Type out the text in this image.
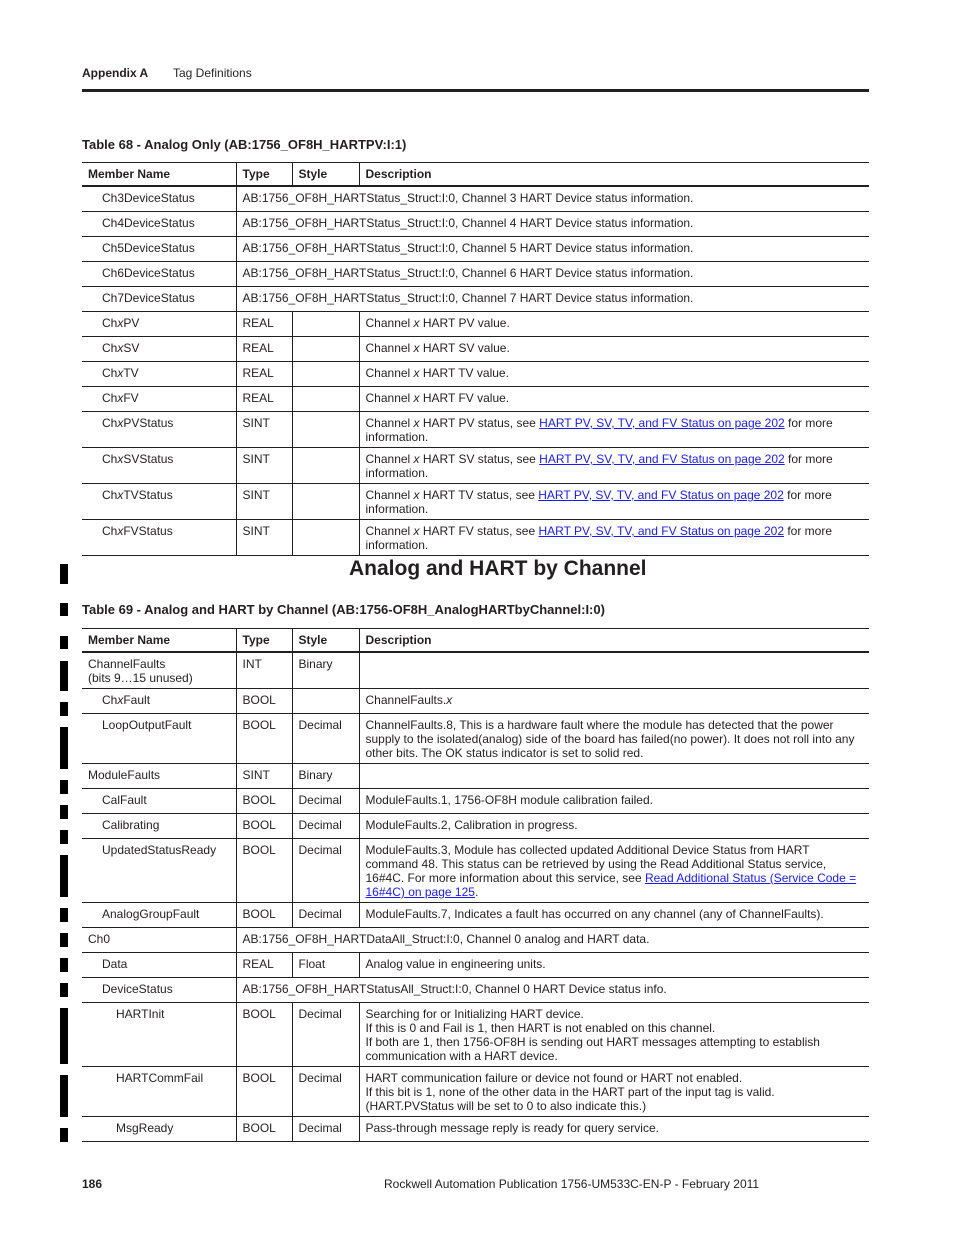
Appendix A Tag Definitions
Table 68 - Analog Only (AB:1756_OF8H_HARTPV:I:1)
Member Name	Type	Style	Description
Ch3DeviceStatus	AB:1756_OF8H_HARTStatus_Struct:I:0, Channel 3 HART Device status information.		
Ch4DeviceStatus	AB:1756_OF8H_HARTStatus_Struct:I:0, Channel 4 HART Device status information.		
Ch5DeviceStatus	AB:1756_OF8H_HARTStatus_Struct:I:0, Channel 5 HART Device status information.		
Ch6DeviceStatus	AB:1756_OF8H_HARTStatus_Struct:I:0, Channel 6 HART Device status information.		
Ch7DeviceStatus	AB:1756_OF8H_HARTStatus_Struct:I:0, Channel 7 HART Device status information.		
ChxPV	REAL		Channel x HART PV value.
ChxSV	REAL		Channel x HART SV value.
ChxTV	REAL		Channel x HART TV value.
ChxFV	REAL		Channel x HART FV value.
ChxPVStatus	SINT		Channel x HART PV status, see HART PV, SV, TV, and FV Status on page 202 for more information.
ChxSVStatus	SINT		Channel x HART SV status, see HART PV, SV, TV, and FV Status on page 202 for more information.
ChxTVStatus	SINT		Channel x HART TV status, see HART PV, SV, TV, and FV Status on page 202 for more information.
ChxFVStatus	SINT		Channel x HART FV status, see HART PV, SV, TV, and FV Status on page 202 for more information.
Analog and HART by Channel
Table 69 - Analog and HART by Channel (AB:1756-OF8H_AnalogHARTbyChannel:I:0)
Member Name	Type	Style	Description
ChannelFaults
(bits 9…15 unused)	INT	Binary	
ChxFault	BOOL		ChannelFaults.x
LoopOutputFault	BOOL	Decimal	ChannelFaults.8, This is a hardware fault where the module has detected that the power supply to the isolated(analog) side of the board has failed(no power). It does not roll into any other bits. The OK status indicator is set to solid red.
ModuleFaults	SINT	Binary	
CalFault	BOOL	Decimal	ModuleFaults.1, 1756-OF8H module calibration failed.
Calibrating	BOOL	Decimal	ModuleFaults.2, Calibration in progress.
UpdatedStatusReady	BOOL	Decimal	ModuleFaults.3, Module has collected updated Additional Device Status from HART command 48. This status can be retrieved by using the Read Additional Status service, 16#4C. For more information about this service, see Read Additional Status (Service Code = 16#4C) on page 125.
AnalogGroupFault	BOOL	Decimal	ModuleFaults.7, Indicates a fault has occurred on any channel (any of ChannelFaults).
Ch0	AB:1756_OF8H_HARTDataAll_Struct:I:0, Channel 0 analog and HART data.		
Data	REAL	Float	Analog value in engineering units.
DeviceStatus	AB:1756_OF8H_HARTStatusAll_Struct:I:0, Channel 0 HART Device status info.		
HARTInit	BOOL	Decimal	Searching for or Initializing HART device.
If this is 0 and Fail is 1, then HART is not enabled on this channel.
If both are 1, then 1756-OF8H is sending out HART messages attempting to establish communication with a HART device.
HARTCommFail	BOOL	Decimal	HART communication failure or device not found or HART not enabled.
If this bit is 1, none of the other data in the HART part of the input tag is valid.
(HART.PVStatus will be set to 0 to also indicate this.)
MsgReady	BOOL	Decimal	Pass-through message reply is ready for query service.
186	Rockwell Automation Publication 1756-UM533C-EN-P - February 2011
